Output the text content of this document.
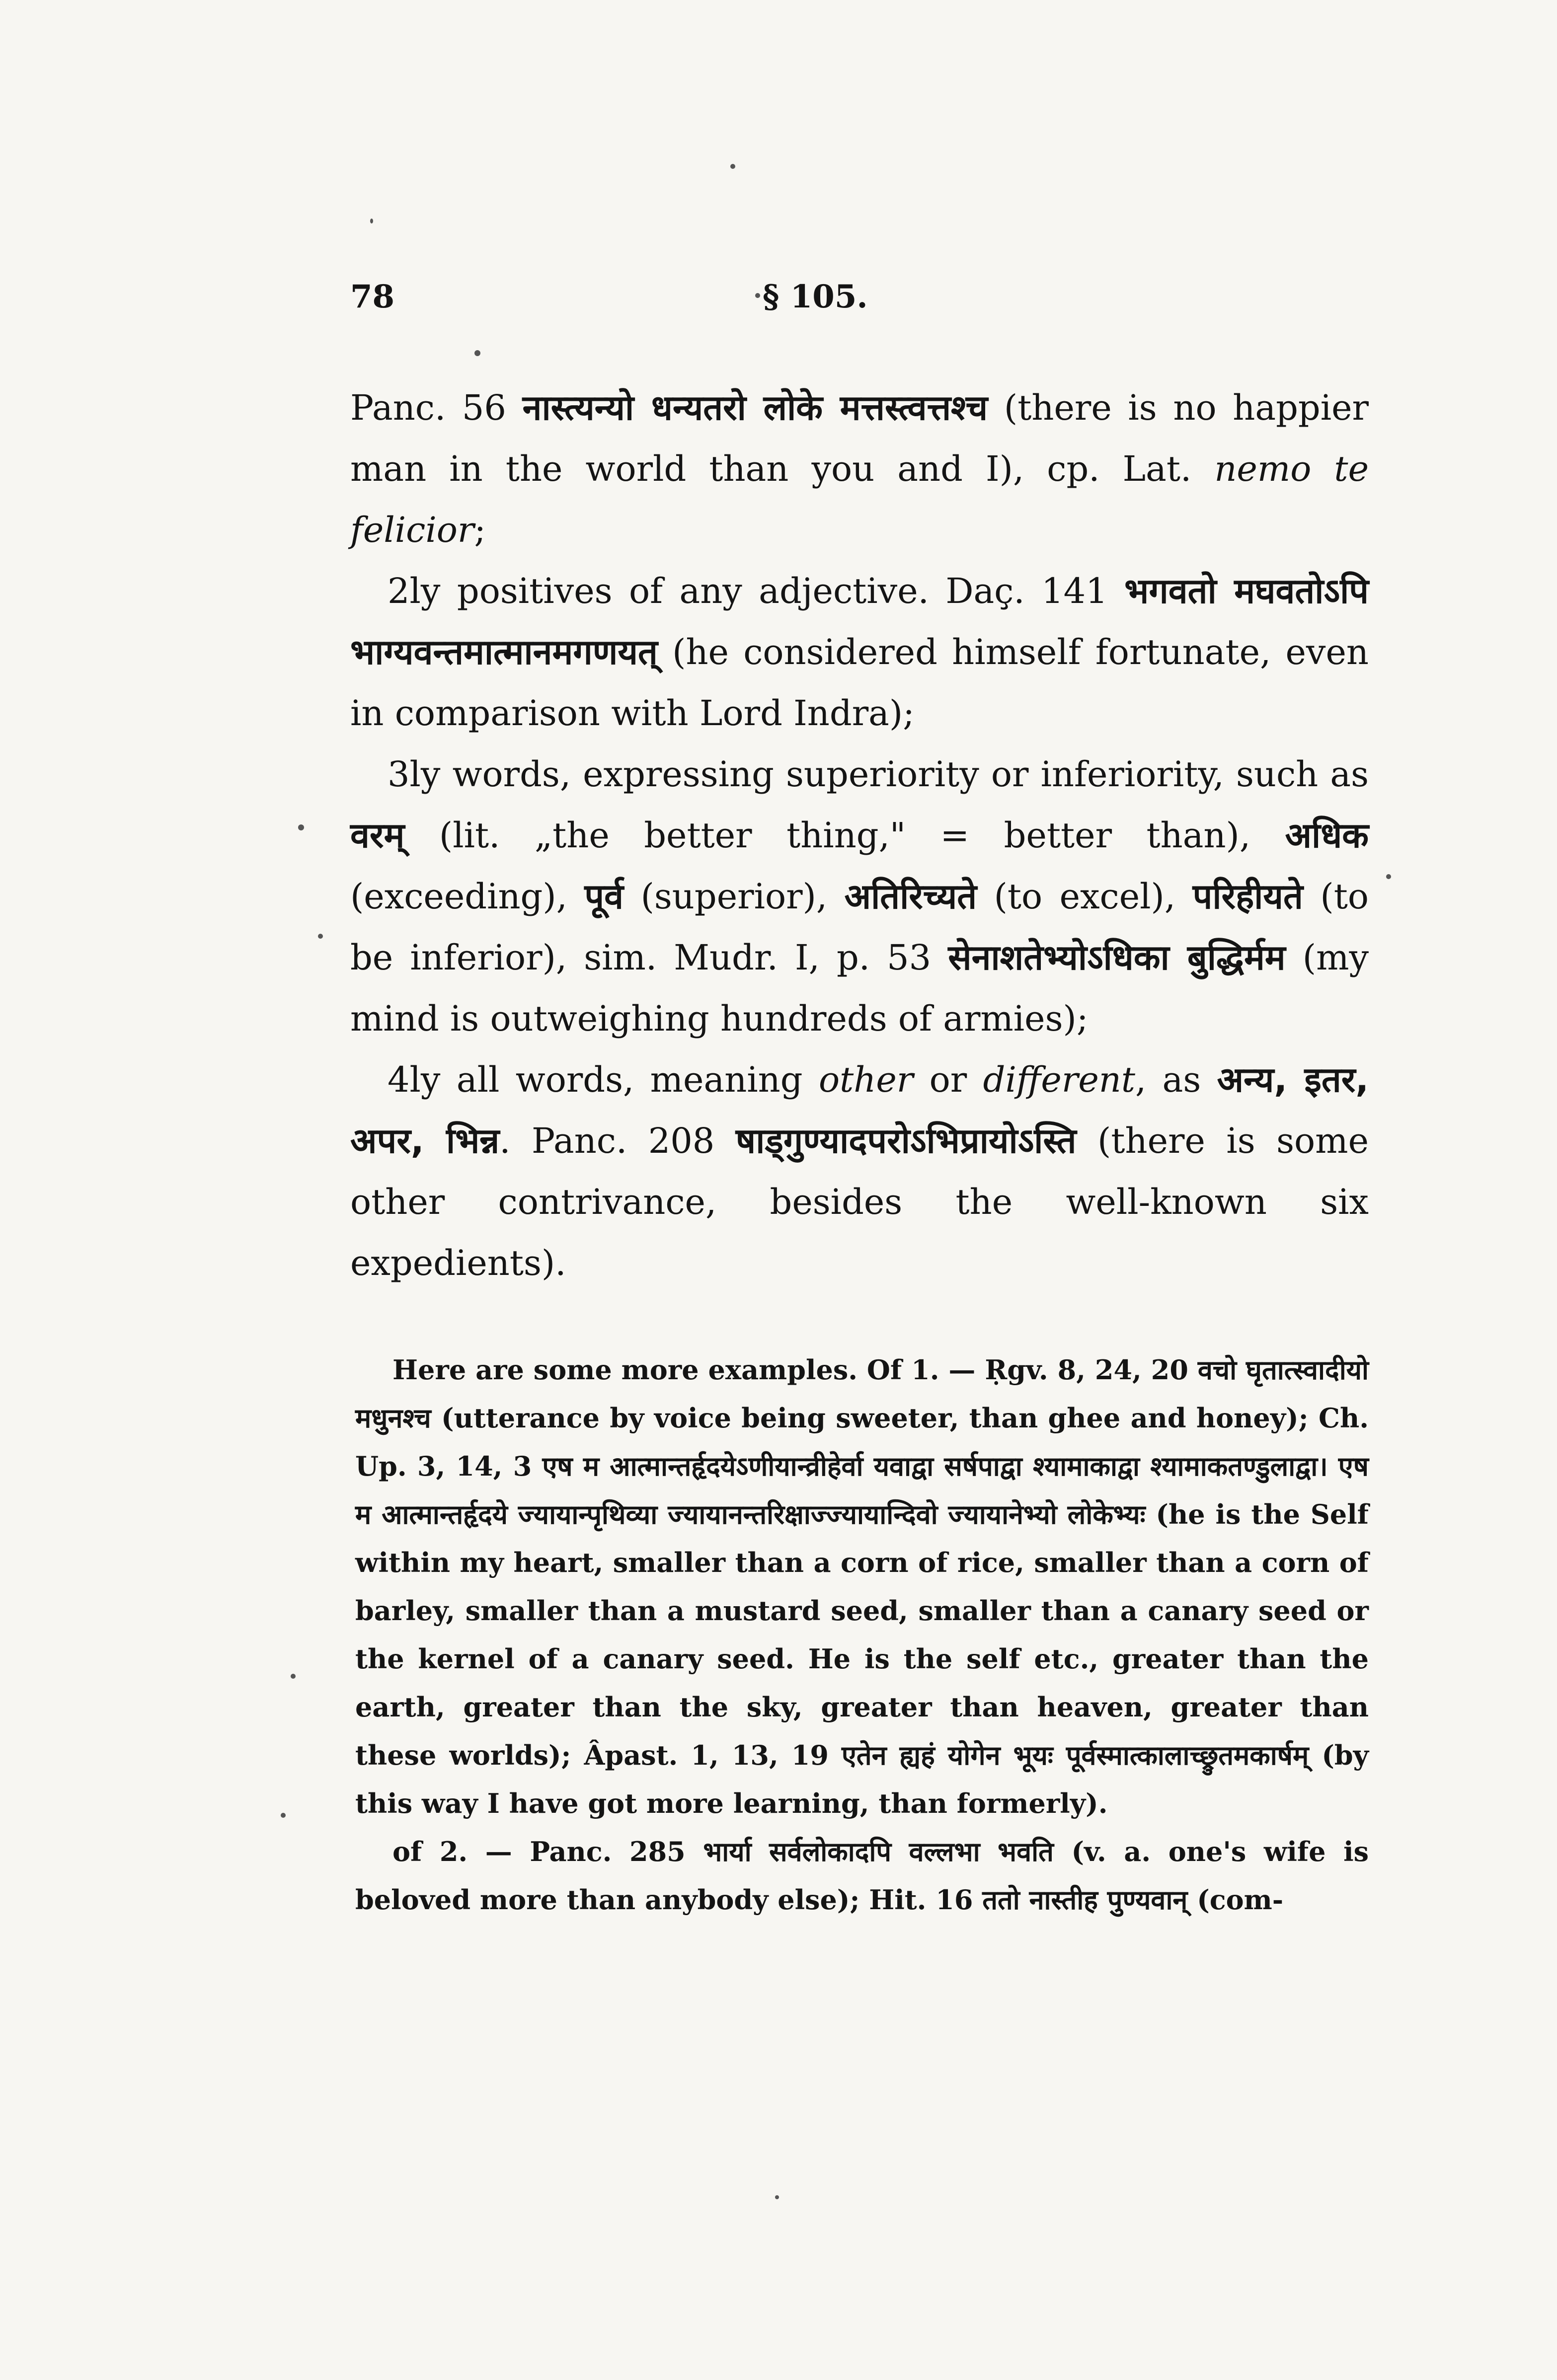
78	§ 105.

Panc. 56 नास्त्यन्यो धन्यतरो लोके मत्तस्त्वत्तश्च (there is no happier man in the world than you and I), cp. Lat. nemo te felicior;

2ly positives of any adjective. Daç. 141 भगवतो मघवतोऽपि भाग्यवन्तमात्मानमगणयत् (he considered himself fortunate, even in comparison with Lord Indra);

3ly words, expressing superiority or inferiority, such as वरम् (lit. „the better thing," = better than), अधिक (exceeding), पूर्व (superior), अतिरिच्यते (to excel), परिहीयते (to be inferior), sim. Mudr. I, p. 53 सेनाशतेभ्योऽधिका बुद्धिर्मम (my mind is outweighing hundreds of armies);

4ly all words, meaning other or different, as अन्य, इतर, अपर, भिन्न. Panc. 208 षाड्गुण्यादपरोऽभिप्रायोऽस्ति (there is some other contrivance, besides the well-known six expedients).

Here are some more examples. Of 1. — Ṛgv. 8, 24, 20 वचो घृतात्स्वादीयो मधुनश्च (utterance by voice being sweeter, than ghee and honey); Ch. Up. 3, 14, 3 एष म आत्मान्तर्हृदयेऽणीयान्व्रीहेर्वा यवाद्वा सर्षपाद्वा श्यामाकाद्वा श्यामाकतण्डुलाद्वा। एष म आत्मान्तर्हृदये ज्यायान्पृथिव्या ज्यायानन्तरिक्षाज्ज्यायान्दिवो ज्यायानेभ्यो लोकेभ्यः (he is the Self within my heart, smaller than a corn of rice, smaller than a corn of barley, smaller than a mustard seed, smaller than a canary seed or the kernel of a canary seed. He is the self etc., greater than the earth, greater than the sky, greater than heaven, greater than these worlds); Âpast. 1, 13, 19 एतेन ह्यहं योगेन भूयः पूर्वस्मात्कालाच्छ्रुतमकार्षम् (by this way I have got more learning, than formerly).

of 2. — Panc. 285 भार्या सर्वलोकादपि वल्लभा भवति (v. a. one's wife is beloved more than anybody else); Hit. 16 ततो नास्तीह पुण्यवान् (com-
